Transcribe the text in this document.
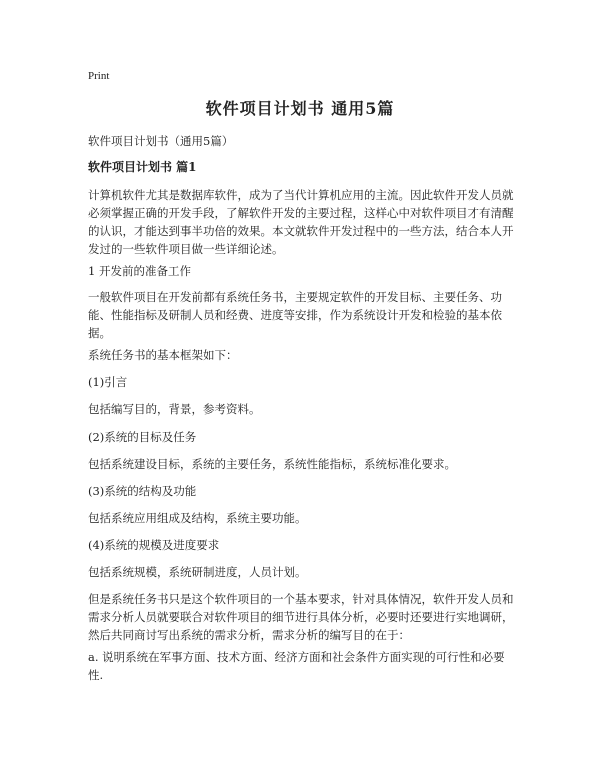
Print
软件项目计划书 通用5篇

软件项目计划书（通用5篇）

软件项目计划书 篇1

计算机软件尤其是数据库软件，成为了当代计算机应用的主流。因此软件开发人员就必须掌握正确的开发手段，了解软件开发的主要过程，这样心中对软件项目才有清醒的认识，才能达到事半功倍的效果。本文就软件开发过程中的一些方法，结合本人开发过的一些软件项目做一些详细论述。

1 开发前的准备工作

一般软件项目在开发前都有系统任务书，主要规定软件的开发目标、主要任务、功能、性能指标及研制人员和经费、进度等安排，作为系统设计开发和检验的基本依据。

系统任务书的基本框架如下：

(1)引言

包括编写目的，背景，参考资料。

(2)系统的目标及任务

包括系统建设目标，系统的主要任务，系统性能指标，系统标准化要求。

(3)系统的结构及功能

包括系统应用组成及结构，系统主要功能。

(4)系统的规模及进度要求

包括系统规模，系统研制进度，人员计划。

但是系统任务书只是这个软件项目的一个基本要求，针对具体情况，软件开发人员和需求分析人员就要联合对软件项目的细节进行具体分析，必要时还要进行实地调研，然后共同商讨写出系统的需求分析，需求分析的编写目的在于：

a. 说明系统在军事方面、技术方面、经济方面和社会条件方面实现的可行性和必要性.
